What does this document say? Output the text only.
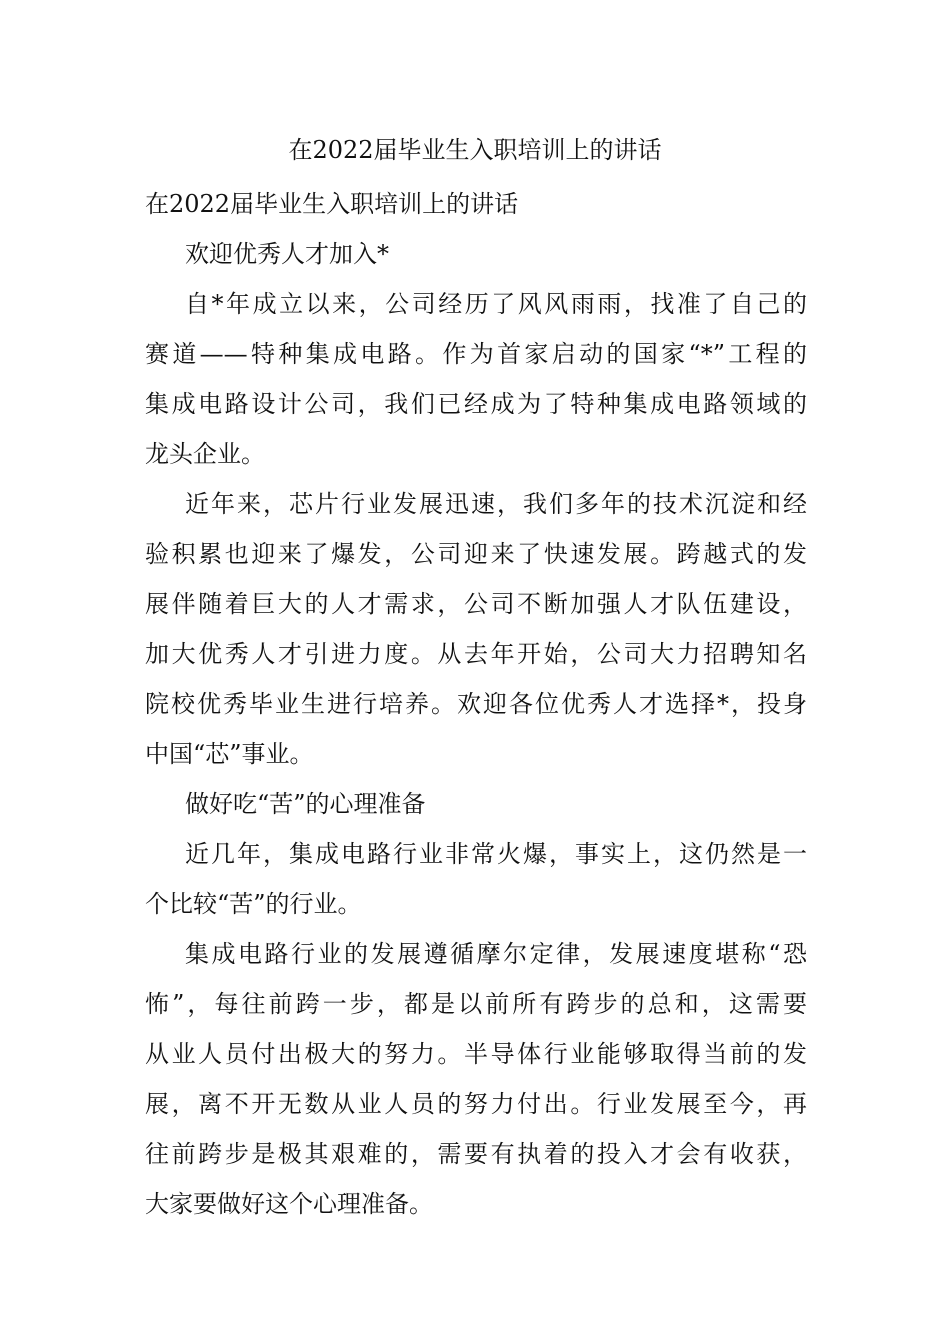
在2022届毕业生入职培训上的讲话

在2022届毕业生入职培训上的讲话

欢迎优秀人才加入*

自*年成立以来，公司经历了风风雨雨，找准了自己的
赛道——特种集成电路。作为首家启动的国家“*”工程的
集成电路设计公司，我们已经成为了特种集成电路领域的
龙头企业。

近年来，芯片行业发展迅速，我们多年的技术沉淀和经
验积累也迎来了爆发，公司迎来了快速发展。跨越式的发
展伴随着巨大的人才需求，公司不断加强人才队伍建设，
加大优秀人才引进力度。从去年开始，公司大力招聘知名
院校优秀毕业生进行培养。欢迎各位优秀人才选择*，投身
中国“芯”事业。

做好吃“苦”的心理准备

近几年，集成电路行业非常火爆，事实上，这仍然是一
个比较“苦”的行业。

集成电路行业的发展遵循摩尔定律，发展速度堪称“恐
怖”，每往前跨一步，都是以前所有跨步的总和，这需要
从业人员付出极大的努力。半导体行业能够取得当前的发
展，离不开无数从业人员的努力付出。行业发展至今，再
往前跨步是极其艰难的，需要有执着的投入才会有收获，
大家要做好这个心理准备。
